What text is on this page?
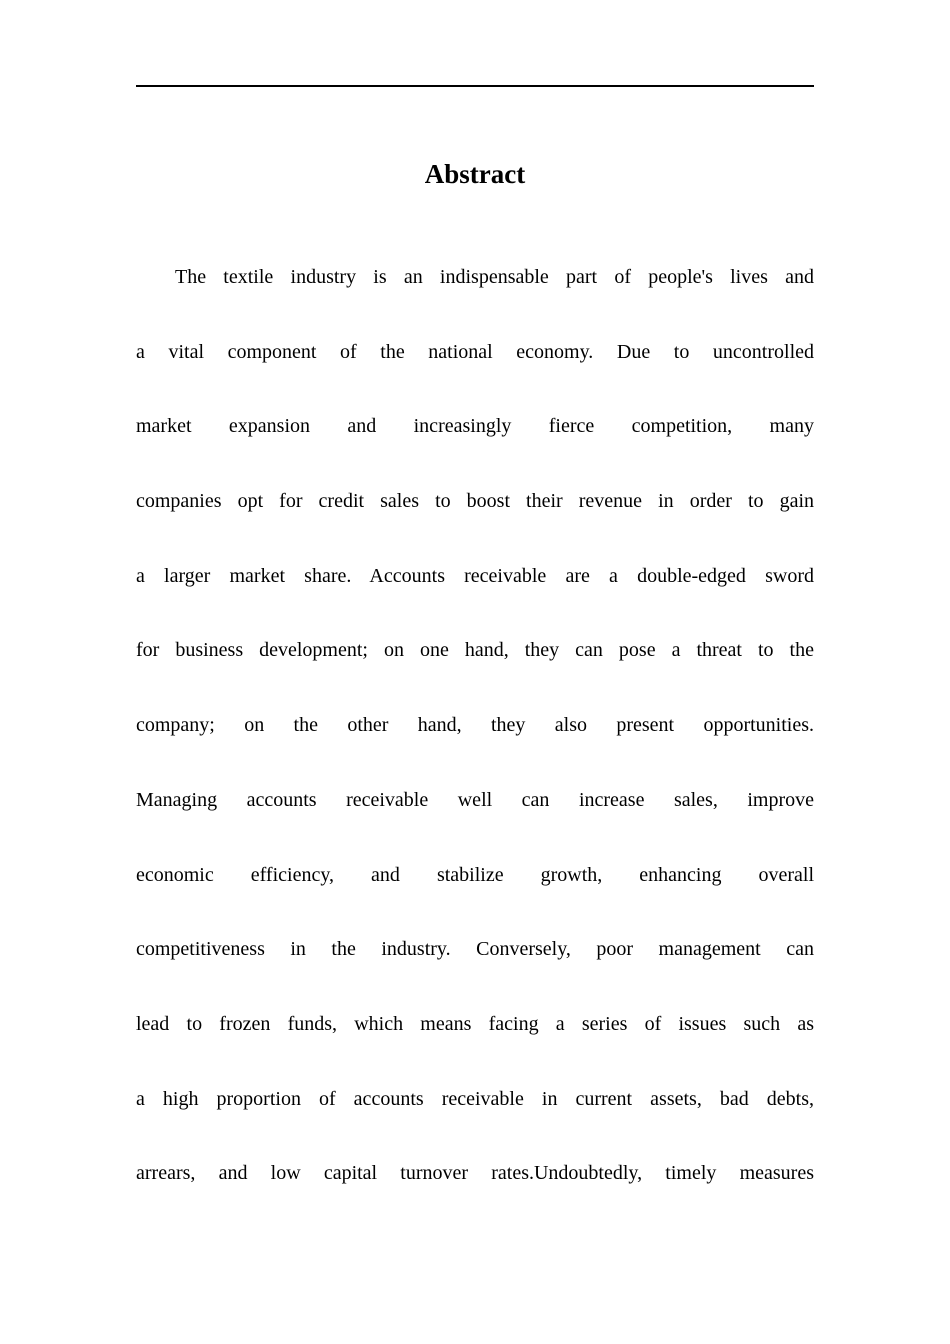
Abstract
The textile industry is an indispensable part of people's lives and
a vital component of the national economy. Due to uncontrolled
market expansion and increasingly fierce competition, many
companies opt for credit sales to boost their revenue in order to gain
a larger market share. Accounts receivable are a double-edged sword
for business development; on one hand, they can pose a threat to the
company; on the other hand, they also present opportunities.
Managing accounts receivable well can increase sales, improve
economic efficiency, and stabilize growth, enhancing overall
competitiveness in the industry. Conversely, poor management can
lead to frozen funds, which means facing a series of issues such as
a high proportion of accounts receivable in current assets, bad debts,
arrears, and low capital turnover rates.Undoubtedly, timely measures
